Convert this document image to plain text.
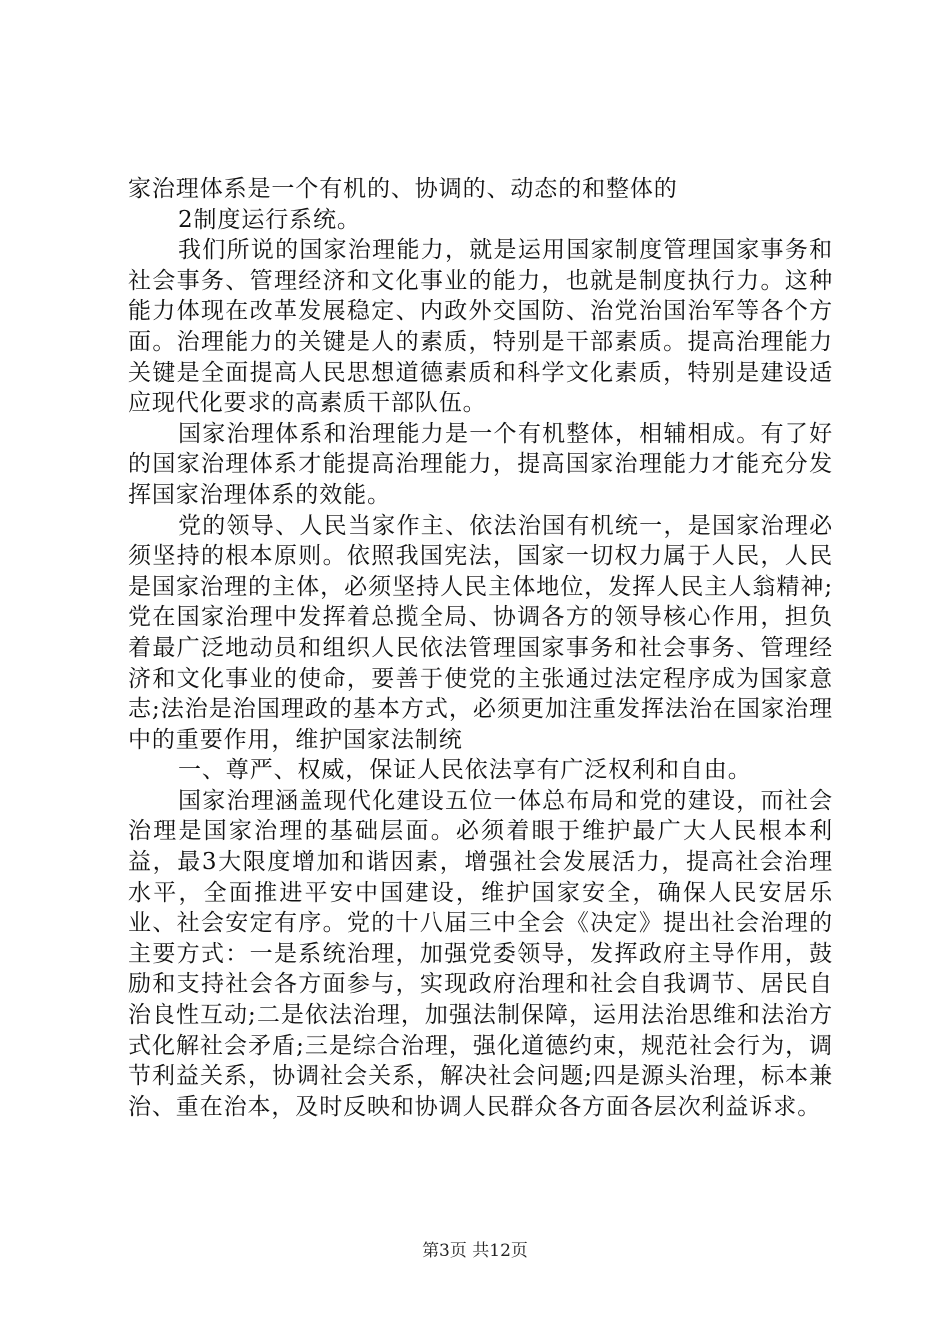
家治理体系是一个有机的、协调的、动态的和整体的

2制度运行系统。

我们所说的国家治理能力，就是运用国家制度管理国家事务和社会事务、管理经济和文化事业的能力，也就是制度执行力。这种能力体现在改革发展稳定、内政外交国防、治党治国治军等各个方面。治理能力的关键是人的素质，特别是干部素质。提高治理能力关键是全面提高人民思想道德素质和科学文化素质，特别是建设适应现代化要求的高素质干部队伍。

国家治理体系和治理能力是一个有机整体，相辅相成。有了好的国家治理体系才能提高治理能力，提高国家治理能力才能充分发挥国家治理体系的效能。

党的领导、人民当家作主、依法治国有机统一，是国家治理必须坚持的根本原则。依照我国宪法，国家一切权力属于人民，人民是国家治理的主体，必须坚持人民主体地位，发挥人民主人翁精神;党在国家治理中发挥着总揽全局、协调各方的领导核心作用，担负着最广泛地动员和组织人民依法管理国家事务和社会事务、管理经济和文化事业的使命，要善于使党的主张通过法定程序成为国家意志;法治是治国理政的基本方式，必须更加注重发挥法治在国家治理中的重要作用，维护国家法制统

一、尊严、权威，保证人民依法享有广泛权利和自由。

国家治理涵盖现代化建设五位一体总布局和党的建设，而社会治理是国家治理的基础层面。必须着眼于维护最广大人民根本利益，最3大限度增加和谐因素，增强社会发展活力，提高社会治理水平，全面推进平安中国建设，维护国家安全，确保人民安居乐业、社会安定有序。党的十八届三中全会《决定》提出社会治理的主要方式：一是系统治理，加强党委领导，发挥政府主导作用，鼓励和支持社会各方面参与，实现政府治理和社会自我调节、居民自治良性互动;二是依法治理，加强法制保障，运用法治思维和法治方式化解社会矛盾;三是综合治理，强化道德约束，规范社会行为，调节利益关系，协调社会关系，解决社会问题;四是源头治理，标本兼治、重在治本，及时反映和协调人民群众各方面各层次利益诉求。

第3页 共12页
